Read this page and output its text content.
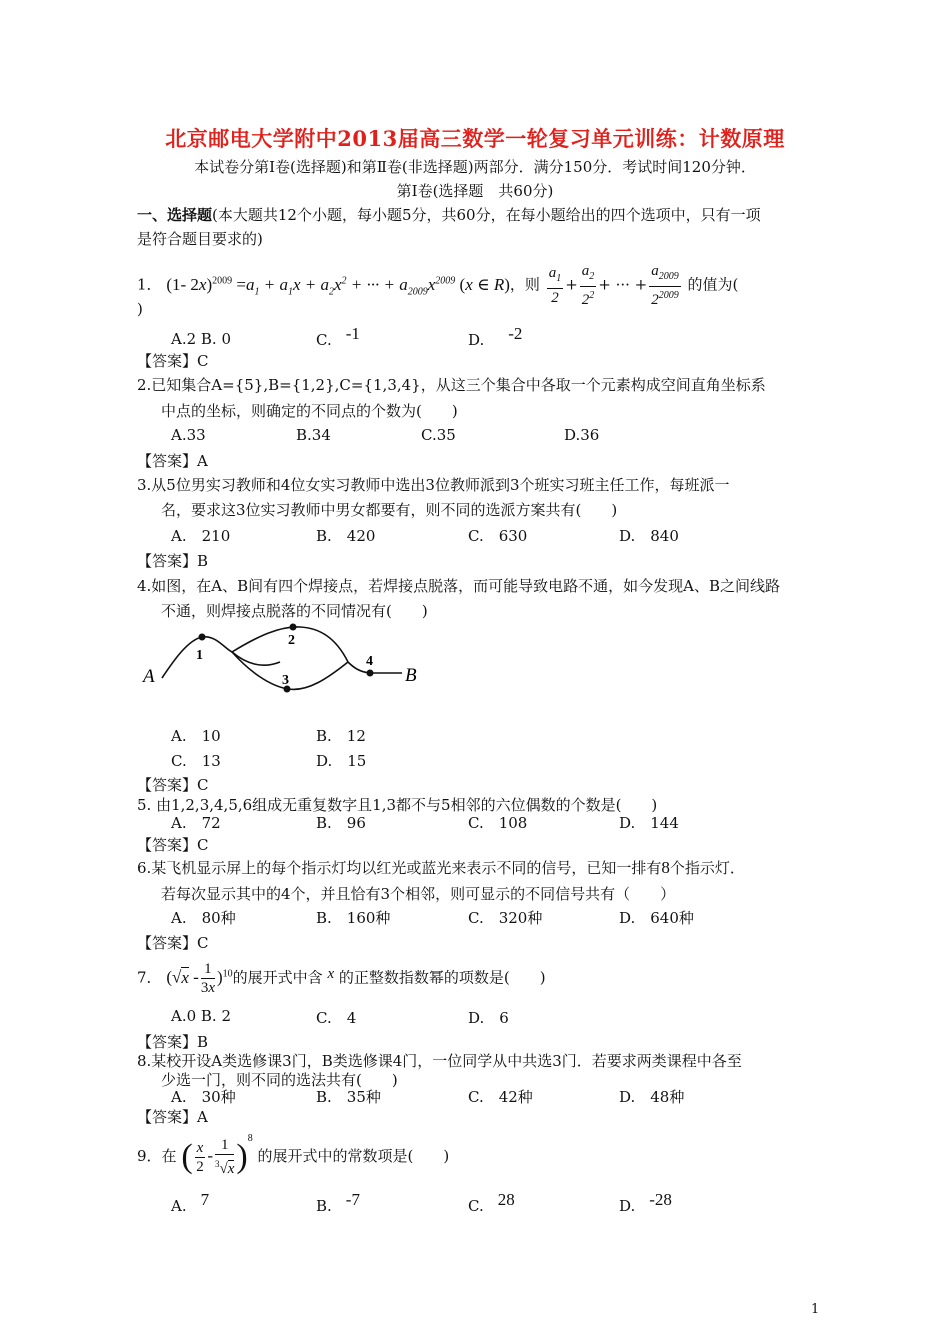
北京邮电大学附中2013届高三数学一轮复习单元训练：计数原理
本试卷分第Ⅰ卷(选择题)和第Ⅱ卷(非选择题)两部分．满分150分．考试时间120分钟．
第Ⅰ卷(选择题　共60分)
一、选择题(本大题共12个小题，每小题5分，共60分，在每小题给出的四个选项中，只有一项
是符合题目要求的)
1． (1- $2x)^{2009} =a_1 + a_1x + a_2x^2$ + ··· + $a_{2009}x^{2009}$ (x ∈ R)，则 $\frac{a_1}{2} + \frac{a_2}{2^2}$ + ··· + $\frac{a_{2009}}{2^{2009}}$ 的值为(
)
A.2 B. 0	C. -1	D. -2
【答案】C
2.已知集合A={5},B={1,2},C={1,3,4}，从这三个集合中各取一个元素构成空间直角坐标系
中点的坐标，则确定的不同点的个数为(　　)
A.33	B.34	C.35	D.36
【答案】A
3.从5位男实习教师和4位女实习教师中选出3位教师派到3个班实习班主任工作，每班派一
名，要求这3位实习教师中男女都要有，则不同的选派方案共有(　　)
A.　210	B.　420	C.　630	D.　840
【答案】B
4.如图，在A、B间有四个焊接点，若焊接点脱落，而可能导致电路不通，如今发现A、B之间线路
不通，则焊接点脱落的不同情况有(　　)
A	B
1
2
3
4
A.　10	B.　12
C.　13	D.　15
【答案】C
5. 由1,2,3,4,5,6组成无重复数字且1,3都不与5相邻的六位偶数的个数是(　　)
A.　72	B.　96	C.　108	D.　144
【答案】C
6.某飞机显示屏上的每个指示灯均以红光或蓝光来表示不同的信号，已知一排有8个指示灯．
若每次显示其中的4个，并且恰有3个相邻，则可显示的不同信号共有（　　）
A.　80种	B.　160种	C.　320种	D.　640种
【答案】C
7． $(√x - \frac{1}{3x} )^{10}$的展开式中含 x 的正整数指数幂的项数是(　　)
A.0 B. 2	C.　4	D.　6
【答案】B
8.某校开设A类选修课3门，B类选修课4门，一位同学从中共选3门．若要求两类课程中各至
少选一门，则不同的选法共有(　　)
A.　30种	B.　35种	C.　42种	D.　48种
【答案】A
9．在 ( $\frac{x}{2} - \frac{1}{^3√x} )^8$ 的展开式中的常数项是(　　)
A. 7	B. -7	C. 28	D. -28
1
